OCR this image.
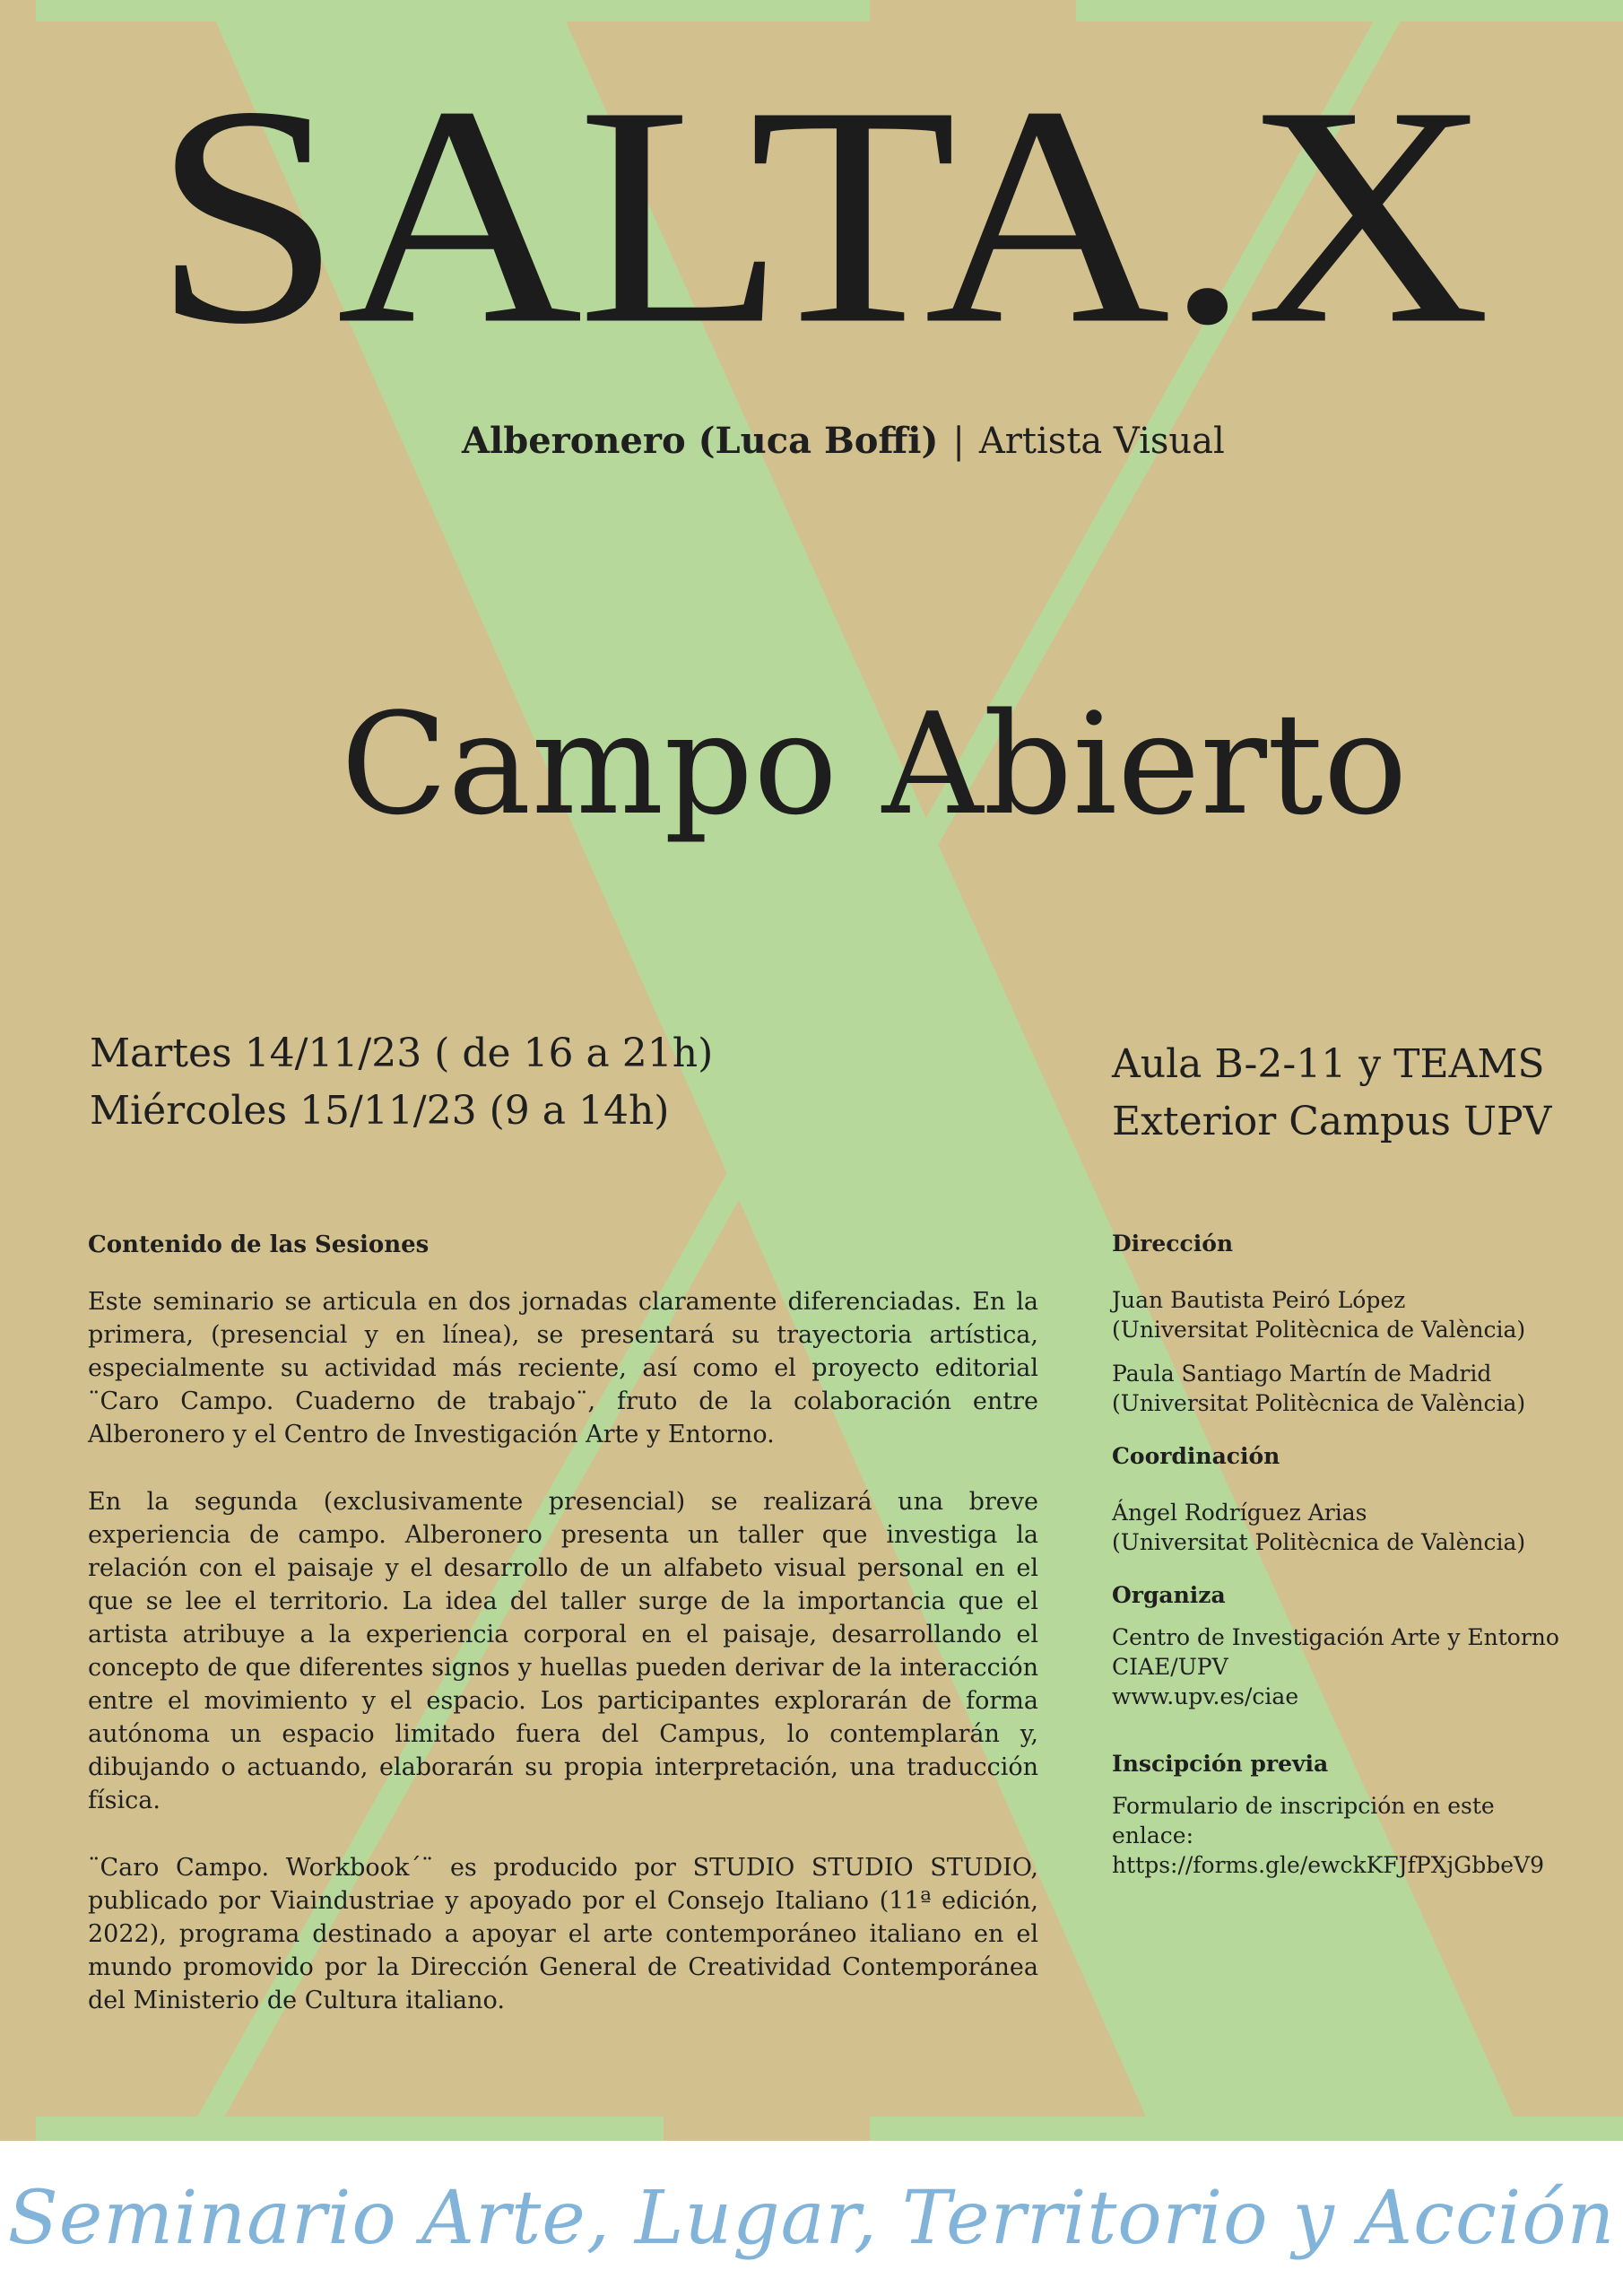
SALTA.X
Alberonero (Luca Boffi) | Artista Visual
Campo Abierto
Martes 14/11/23 ( de 16 a 21h)
Miércoles 15/11/23 (9 a 14h)
Aula B-2-11 y TEAMS
Exterior Campus UPV
Contenido de las Sesiones

Este seminario se articula en dos jornadas claramente diferenciadas. En la primera, (presencial y en línea), se presentará su trayectoria artística, especialmente su actividad más reciente, así como el proyecto editorial ¨Caro Campo. Cuaderno de trabajo¨, fruto de la colaboración entre Alberonero y el Centro de Investigación Arte y Entorno.

En la segunda (exclusivamente presencial) se realizará una breve experiencia de campo. Alberonero presenta un taller que investiga la relación con el paisaje y el desarrollo de un alfabeto visual personal en el que se lee el territorio. La idea del taller surge de la importancia que el artista atribuye a la experiencia corporal en el paisaje, desarrollando el concepto de que diferentes signos y huellas pueden derivar de la interacción entre el movimiento y el espacio. Los participantes explorarán de forma autónoma un espacio limitado fuera del Campus, lo contemplarán y, dibujando o actuando, elaborarán su propia interpretación, una traducción física.

¨Caro Campo. Workbook´¨ es producido por STUDIO STUDIO STUDIO, publicado por Viaindustriae y apoyado por el Consejo Italiano (11ª edición, 2022), programa destinado a apoyar el arte contemporáneo italiano en el mundo promovido por la Dirección General de Creatividad Contemporánea del Ministerio de Cultura italiano.

Dirección
Juan Bautista Peiró López
(Universitat Politècnica de València)
Paula Santiago Martín de Madrid
(Universitat Politècnica de València)
Coordinación
Ángel Rodríguez Arias
(Universitat Politècnica de València)
Organiza
Centro de Investigación Arte y Entorno
CIAE/UPV
www.upv.es/ciae
Inscipción previa
Formulario de inscripción en este
enlace:
https://forms.gle/ewckKFJfPXjGbbeV9
Seminario Arte, Lugar, Territorio y Acción
